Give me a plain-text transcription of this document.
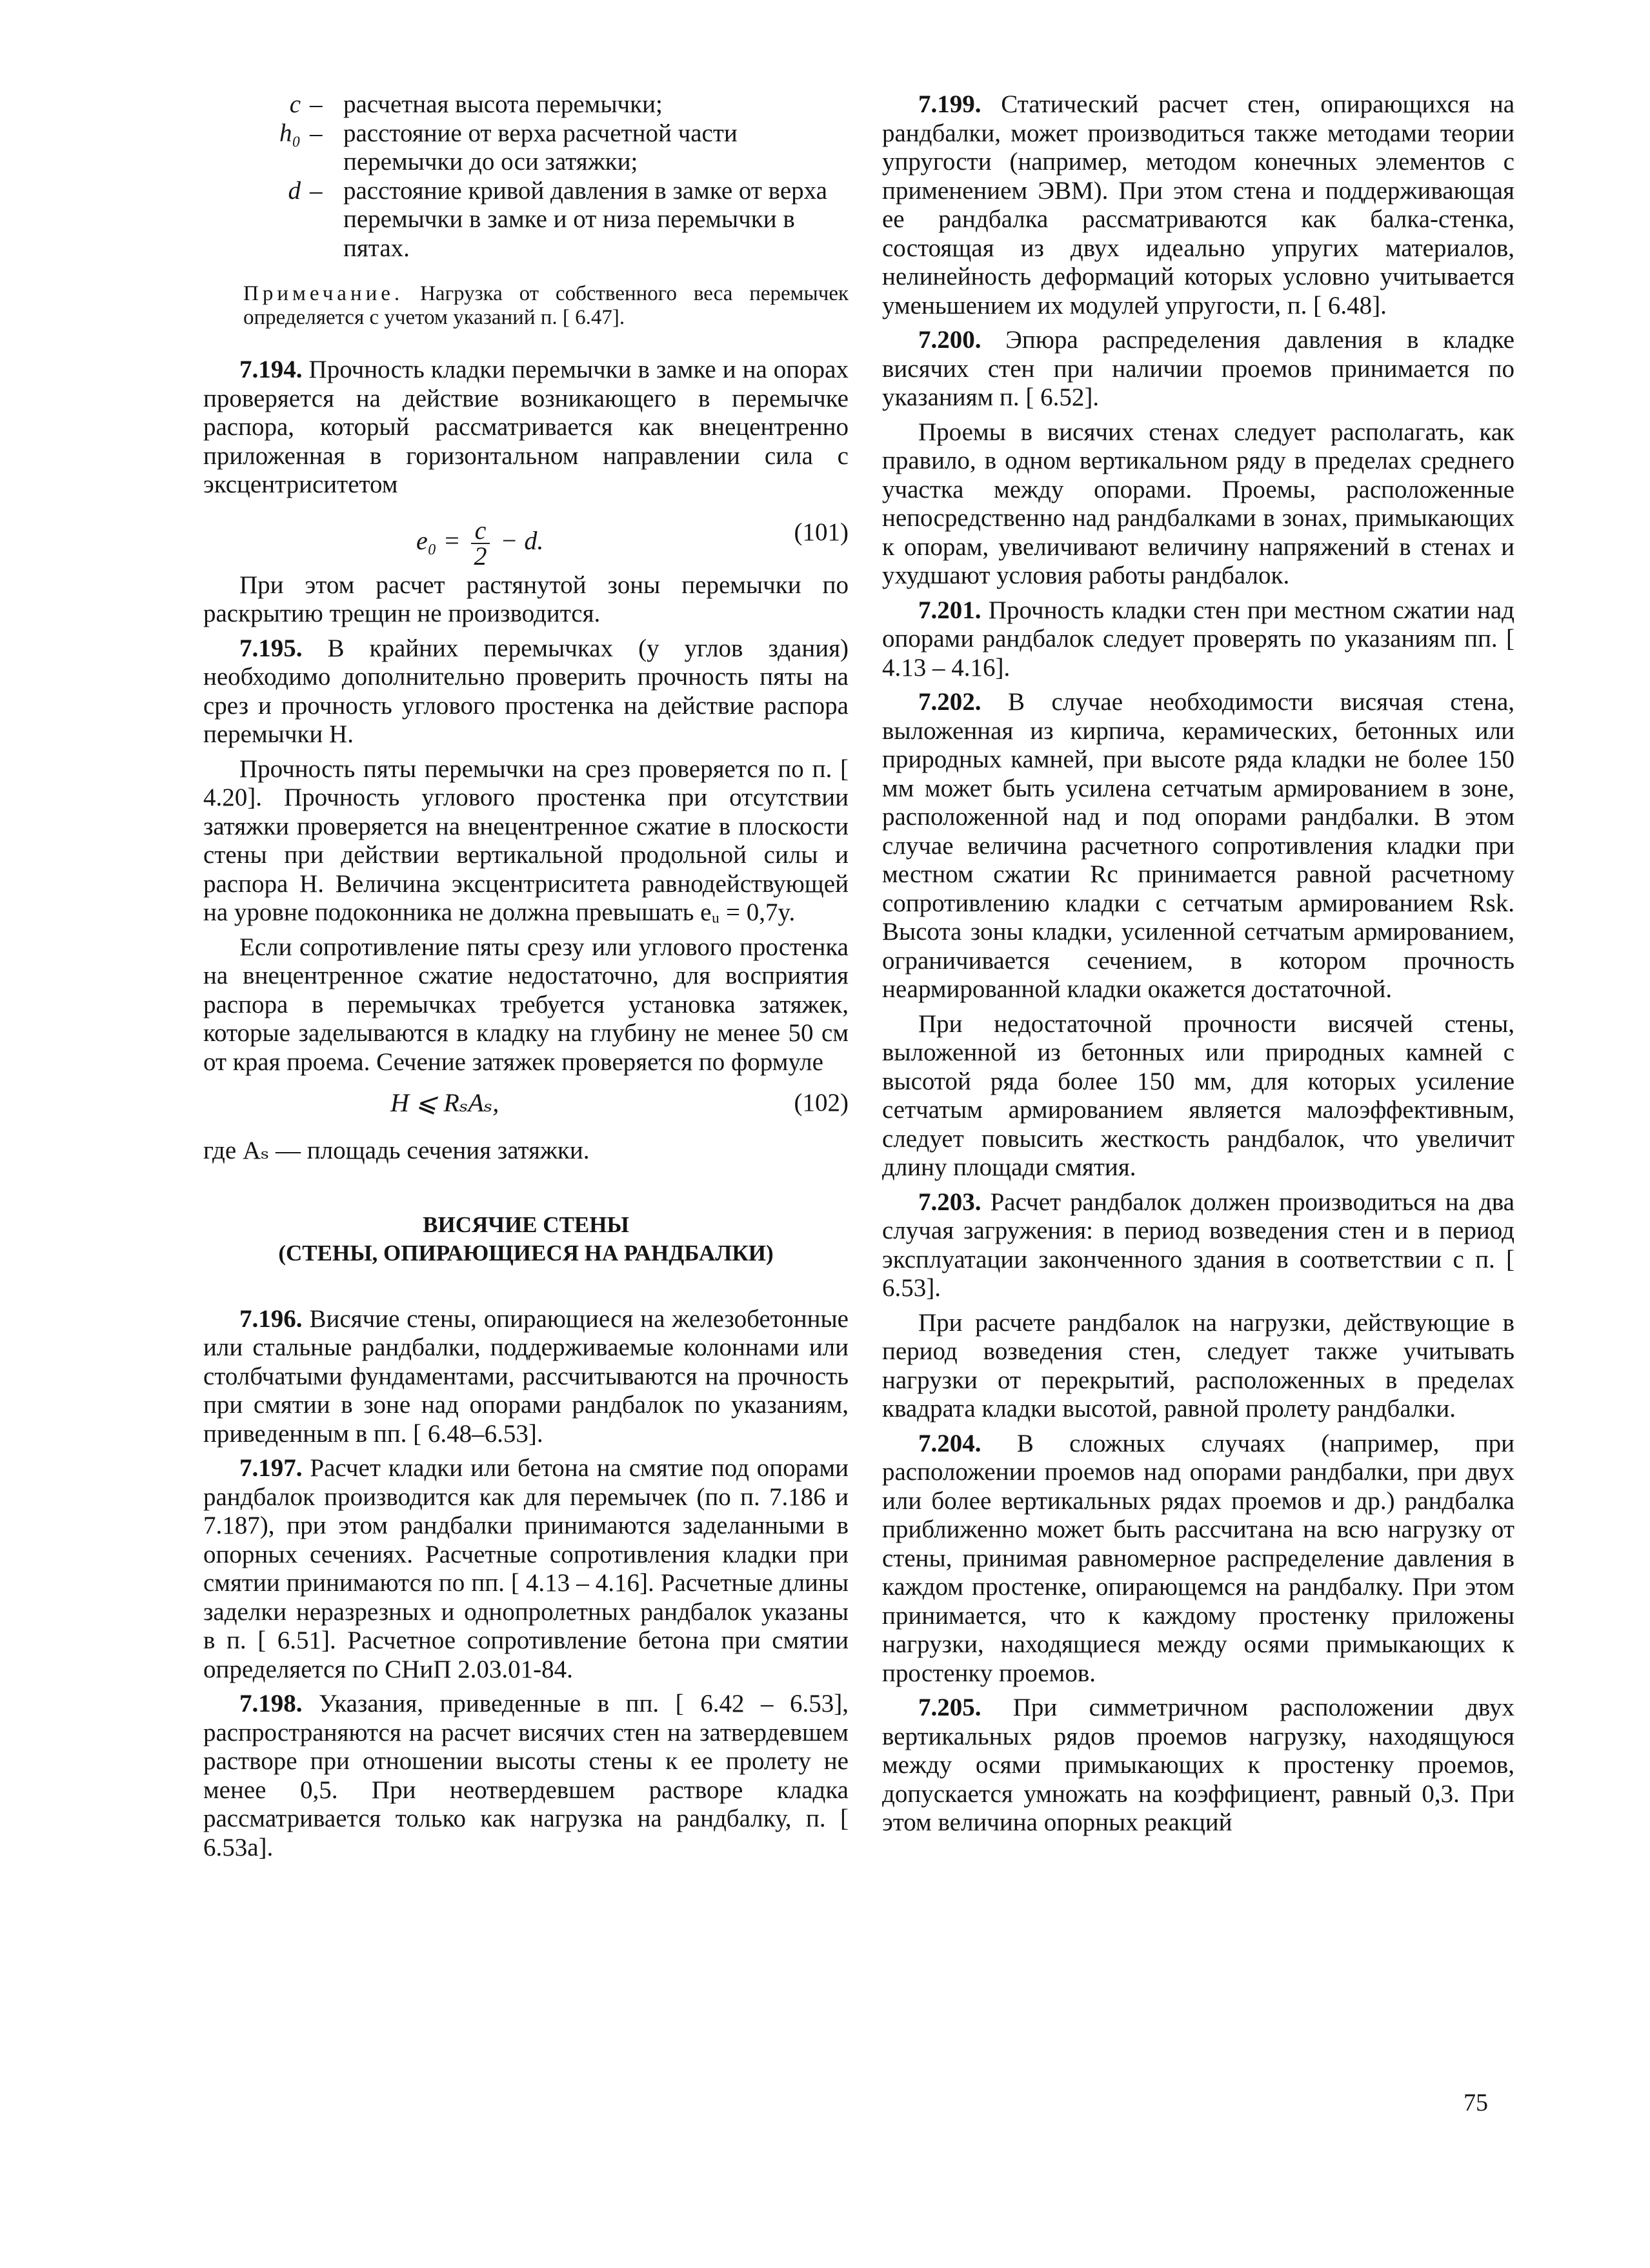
c – расчетная высота перемычки;
h₀ – расстояние от верха расчетной части перемычки до оси затяжки;
d – расстояние кривой давления в замке от верха перемычки в замке и от низа перемычки в пятах.

Примечание. Нагрузка от собственного веса перемычек определяется с учетом указаний п. [ 6.47].

7.194. Прочность кладки перемычки в замке и на опорах проверяется на действие возникающего в перемычке распора, который рассматривается как внецентренно приложенная в горизонтальном направлении сила с эксцентриситетом

$e_0 = \frac{c}{2} - d$.	(101)

При этом расчет растянутой зоны перемычки по раскрытию трещин не производится.

7.195. В крайних перемычках (у углов здания) необходимо дополнительно проверить прочность пяты на срез и прочность углового простенка на действие распора перемычки H.

Прочность пяты перемычки на срез проверяется по п. [ 4.20]. Прочность углового простенка при отсутствии затяжки проверяется на внецентренное сжатие в плоскости стены при действии вертикальной продольной силы и распора H. Величина эксцентриситета равнодействующей на уровне подоконника не должна превышать eᵤ = 0,7y.

Если сопротивление пяты срезу или углового простенка на внецентренное сжатие недостаточно, для восприятия распора в перемычках требуется установка затяжек, которые заделываются в кладку на глубину не менее 50 см от края проема. Сечение затяжек проверяется по формуле

H ⩽ RₛAₛ,	(102)

где Aₛ — площадь сечения затяжки.

ВИСЯЧИЕ СТЕНЫ
(СТЕНЫ, ОПИРАЮЩИЕСЯ НА РАНДБАЛКИ)

7.196. Висячие стены, опирающиеся на железобетонные или стальные рандбалки, поддерживаемые колоннами или столбчатыми фундаментами, рассчитываются на прочность при смятии в зоне над опорами рандбалок по указаниям, приведенным в пп. [ 6.48–6.53].

7.197. Расчет кладки или бетона на смятие под опорами рандбалок производится как для перемычек (по п. 7.186 и 7.187), при этом рандбалки принимаются заделанными в опорных сечениях. Расчетные сопротивления кладки при смятии принимаются по пп. [ 4.13 – 4.16]. Расчетные длины заделки неразрезных и однопролетных рандбалок указаны в п. [ 6.51]. Расчетное сопротивление бетона при смятии определяется по СНиП 2.03.01-84.

7.198. Указания, приведенные в пп. [ 6.42 – 6.53], распространяются на расчет висячих стен на затвердевшем растворе при отношении высоты стены к ее пролету не менее 0,5. При неотвердевшем растворе кладка рассматривается только как нагрузка на рандбалку, п. [ 6.53а].

7.199. Статический расчет стен, опирающихся на рандбалки, может производиться также методами теории упругости (например, методом конечных элементов с применением ЭВМ). При этом стена и поддерживающая ее рандбалка рассматриваются как балка-стенка, состоящая из двух идеально упругих материалов, нелинейность деформаций которых условно учитывается уменьшением их модулей упругости, п. [ 6.48].

7.200. Эпюра распределения давления в кладке висячих стен при наличии проемов принимается по указаниям п. [ 6.52].

Проемы в висячих стенах следует располагать, как правило, в одном вертикальном ряду в пределах среднего участка между опорами. Проемы, расположенные непосредственно над рандбалками в зонах, примыкающих к опорам, увеличивают величину напряжений в стенах и ухудшают условия работы рандбалок.

7.201. Прочность кладки стен при местном сжатии над опорами рандбалок следует проверять по указаниям пп. [ 4.13 – 4.16].

7.202. В случае необходимости висячая стена, выложенная из кирпича, керамических, бетонных или природных камней, при высоте ряда кладки не более 150 мм может быть усилена сетчатым армированием в зоне, расположенной над и под опорами рандбалки. В этом случае величина расчетного сопротивления кладки при местном сжатии Rc принимается равной расчетному сопротивлению кладки с сетчатым армированием Rsk. Высота зоны кладки, усиленной сетчатым армированием, ограничивается сечением, в котором прочность неармированной кладки окажется достаточной.

При недостаточной прочности висячей стены, выложенной из бетонных или природных камней с высотой ряда более 150 мм, для которых усиление сетчатым армированием является малоэффективным, следует повысить жесткость рандбалок, что увеличит длину площади смятия.

7.203. Расчет рандбалок должен производиться на два случая загружения: в период возведения стен и в период эксплуатации законченного здания в соответствии с п. [ 6.53].

При расчете рандбалок на нагрузки, действующие в период возведения стен, следует также учитывать нагрузки от перекрытий, расположенных в пределах квадрата кладки высотой, равной пролету рандбалки.

7.204. В сложных случаях (например, при расположении проемов над опорами рандбалки, при двух или более вертикальных рядах проемов и др.) рандбалка приближенно может быть рассчитана на всю нагрузку от стены, принимая равномерное распределение давления в каждом простенке, опирающемся на рандбалку. При этом принимается, что к каждому простенку приложены нагрузки, находящиеся между осями примыкающих к простенку проемов.

7.205. При симметричном расположении двух вертикальных рядов проемов нагрузку, находящуюся между осями примыкающих к простенку проемов, допускается умножать на коэффициент, равный 0,3. При этом величина опорных реакций

75
